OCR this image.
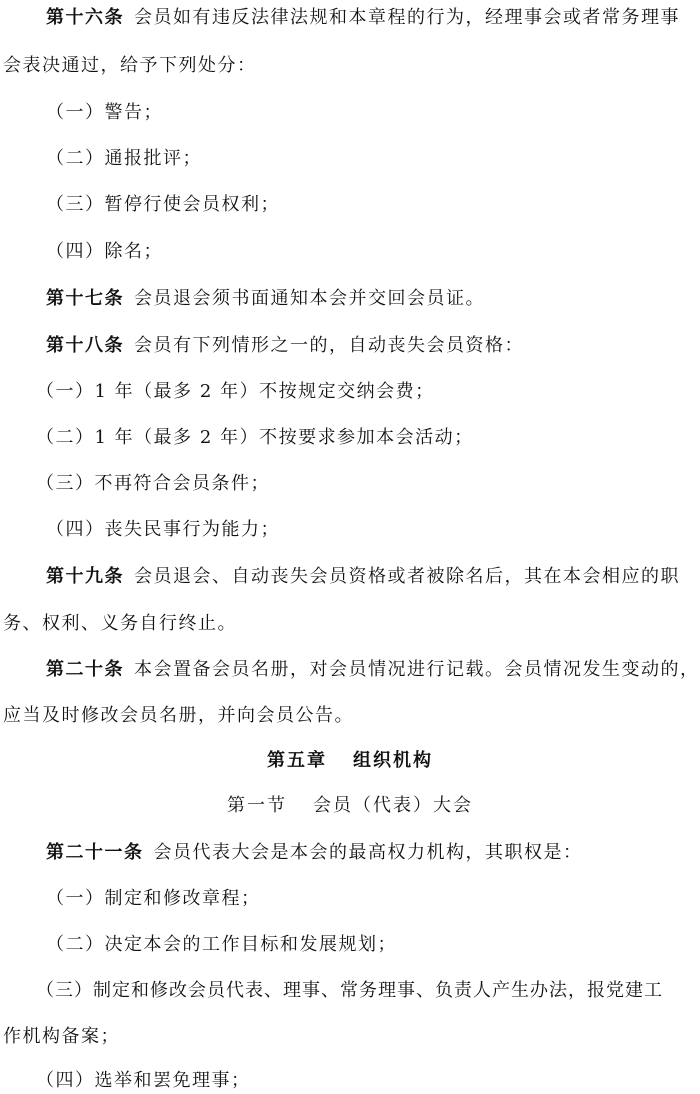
第十六条 会员如有违反法律法规和本章程的行为，经理事会或者常务理事
会表决通过，给予下列处分：
（一）警告；
（二）通报批评；
（三）暂停行使会员权利；
（四）除名；
第十七条 会员退会须书面通知本会并交回会员证。
第十八条 会员有下列情形之一的，自动丧失会员资格：
（一）1 年（最多 2 年）不按规定交纳会费；
（二）1 年（最多 2 年）不按要求参加本会活动；
（三）不再符合会员条件；
（四）丧失民事行为能力；
第十九条 会员退会、自动丧失会员资格或者被除名后，其在本会相应的职
务、权利、义务自行终止。
第二十条 本会置备会员名册，对会员情况进行记载。会员情况发生变动的，
应当及时修改会员名册，并向会员公告。
第五章 组织机构
第一节 会员（代表）大会
第二十一条 会员代表大会是本会的最高权力机构，其职权是：
（一）制定和修改章程；
（二）决定本会的工作目标和发展规划；
（三）制定和修改会员代表、理事、常务理事、负责人产生办法，报党建工
作机构备案；
（四）选举和罢免理事；
